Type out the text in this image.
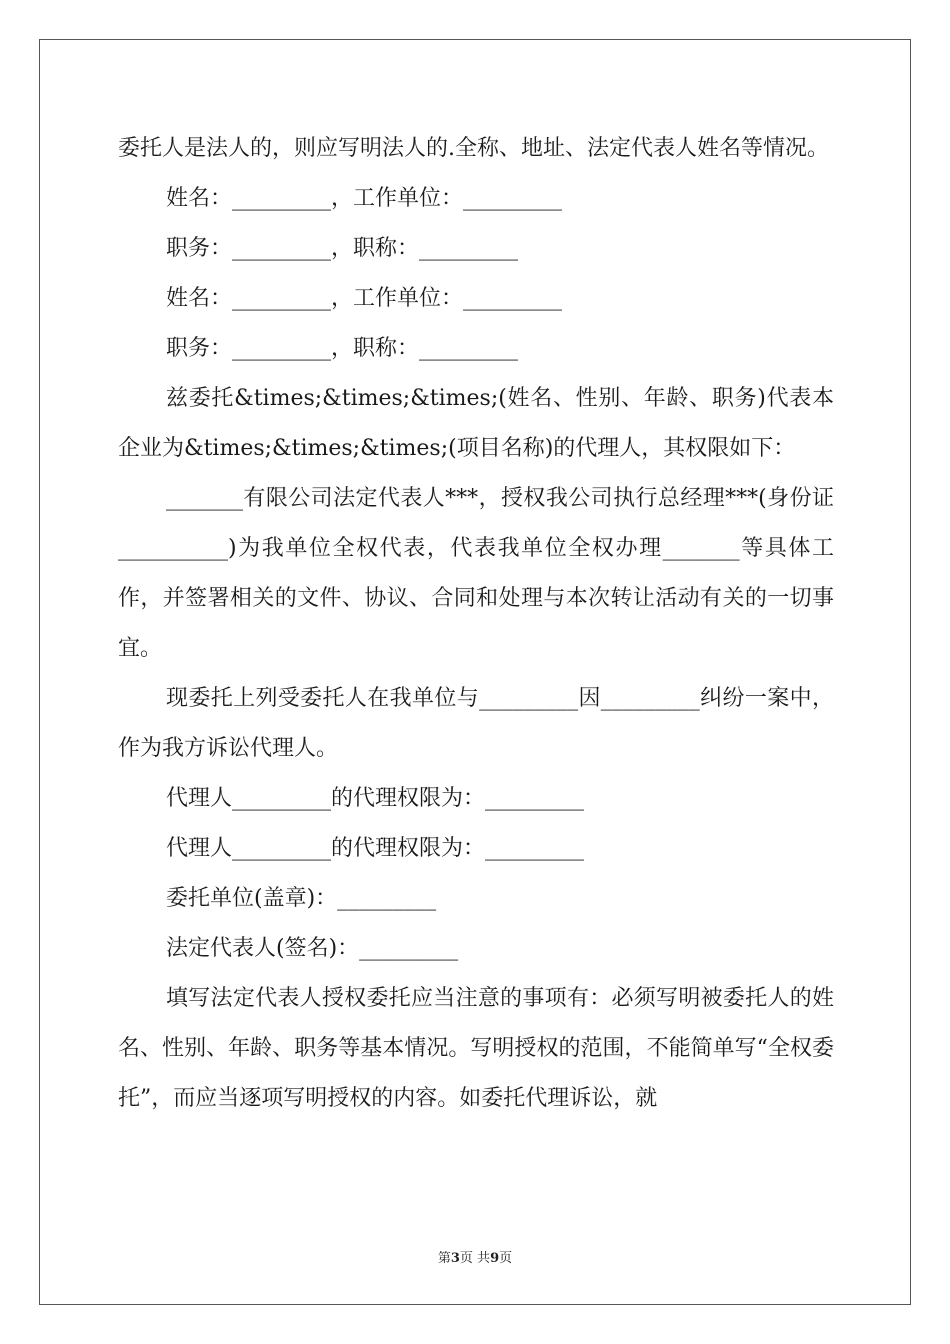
委托人是法人的，则应写明法人的.全称、地址、法定代表人姓名等情况。

姓名：_________，工作单位：_________

职务：_________，职称：_________

姓名：_________，工作单位：_________

职务：_________，职称：_________

兹委托&times;&times;&times;(姓名、性别、年龄、职务)代表本企业为&times;&times;&times;(项目名称)的代理人，其权限如下：

_______有限公司法定代表人***，授权我公司执行总经理***(身份证__________)为我单位全权代表，代表我单位全权办理_______等具体工作，并签署相关的文件、协议、合同和处理与本次转让活动有关的一切事宜。

现委托上列受委托人在我单位与_________因_________纠纷一案中，作为我方诉讼代理人。

代理人_________的代理权限为：_________

代理人_________的代理权限为：_________

委托单位(盖章)：_________

法定代表人(签名)：_________

填写法定代表人授权委托应当注意的事项有：必须写明被委托人的姓名、性别、年龄、职务等基本情况。写明授权的范围，不能简单写“全权委托”，而应当逐项写明授权的内容。如委托代理诉讼，就

第3页 共9页
